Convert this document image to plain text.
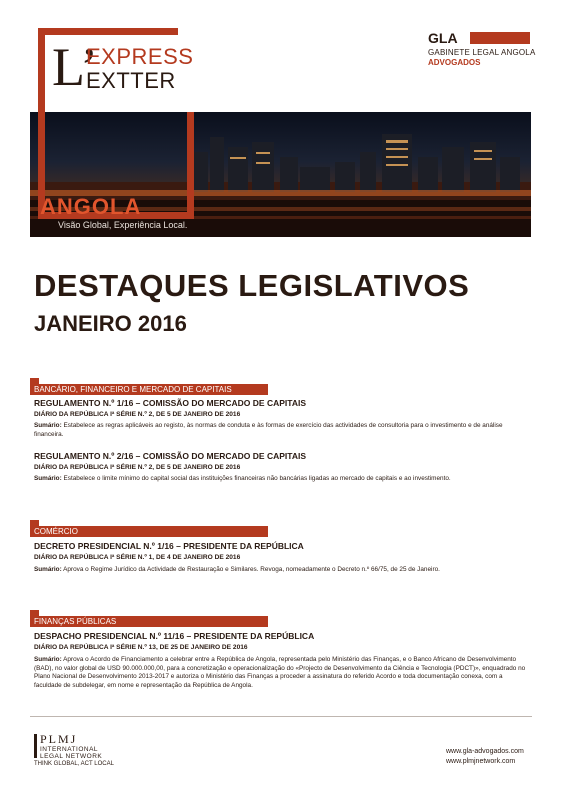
L’
EXPRESS
EXTTER
GLA
GABINETE LEGAL ANGOLA
ADVOGADOS
ANGOLA
Visão Global, Experiência Local.
DESTAQUES LEGISLATIVOS
JANEIRO 2016
BANCÁRIO, FINANCEIRO E MERCADO DE CAPITAIS
REGULAMENTO N.º 1/16 – COMISSÃO DO MERCADO DE CAPITAIS
DIÁRIO DA REPÚBLICA Iª SÉRIE N.º 2, DE 5 DE JANEIRO DE 2016
Sumário: Estabelece as regras aplicáveis ao registo, às normas de conduta e às formas de exercício das actividades de consultoria para o investimento e de análise financeira.
REGULAMENTO N.º 2/16 – COMISSÃO DO MERCADO DE CAPITAIS
DIÁRIO DA REPÚBLICA Iª SÉRIE N.º 2, DE 5 DE JANEIRO DE 2016
Sumário: Estabelece o limite mínimo do capital social das instituições financeiras não bancárias ligadas ao mercado de capitais e ao investimento.
COMÉRCIO
DECRETO PRESIDENCIAL N.º 1/16 – PRESIDENTE DA REPÚBLICA
DIÁRIO DA REPÚBLICA Iª SÉRIE N.º 1, DE 4 DE JANEIRO DE 2016
Sumário: Aprova o Regime Jurídico da Actividade de Restauração e Similares. Revoga, nomeadamente o Decreto n.º 66/75, de 25 de Janeiro.
FINANÇAS PÚBLICAS
DESPACHO PRESIDENCIAL N.º 11/16 – PRESIDENTE DA REPÚBLICA
DIÁRIO DA REPÚBLICA Iª SÉRIE N.º 13, DE 25 DE JANEIRO DE 2016
Sumário: Aprova o Acordo de Financiamento a celebrar entre a República de Angola, representada pelo Ministério das Finanças, e o Banco Africano de Desenvolvimento (BAD), no valor global de USD 90.000.000,00, para a concretização e operacionalização do «Projecto de Desenvolvimento da Ciência e Tecnologia (PDCT)», enquadrado no Plano Nacional de Desenvolvimento 2013-2017 e autoriza o Ministério das Finanças a proceder a assinatura do referido Acordo e toda documentação conexa, com a faculdade de subdelegar, em nome e representação da República de Angola.
PLMJ
INTERNATIONAL
LEGAL NETWORK
THINK GLOBAL, ACT LOCAL
www.gla-advogados.com
www.plmjnetwork.com
